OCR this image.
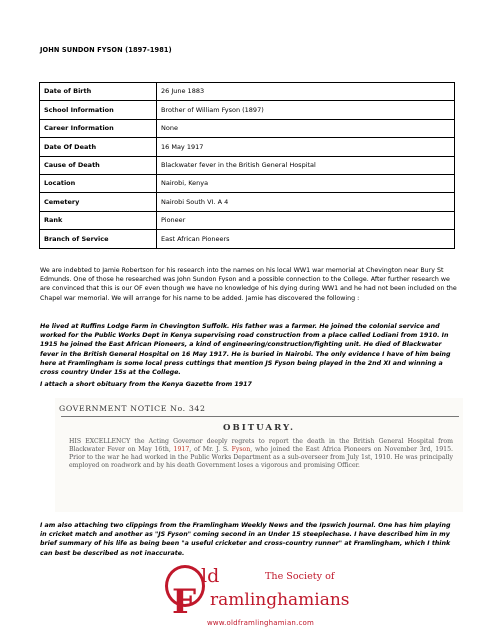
JOHN SUNDON FYSON (1897-1981)
Date of Birth	26 June 1883
School Information	Brother of William Fyson (1897)
Career Information	None
Date Of Death	16 May 1917
Cause of Death	Blackwater fever in the British General Hospital
Location	Nairobi, Kenya
Cemetery	Nairobi South VI. A 4
Rank	Pioneer
Branch of Service	East African Pioneers
We are indebted to Jamie Robertson for his research into the names on his local WW1 war memorial at Chevington near Bury St Edmunds. One of those he researched was John Sundon Fyson and a possible connection to the College. After further research we are convinced that this is our OF even though we have no knowledge of his dying during WW1 and he had not been included on the Chapel war memorial. We will arrange for his name to be added. Jamie has discovered the following :
He lived at Ruffins Lodge Farm in Chevington Suffolk. His father was a farmer. He joined the colonial service and worked for the Public Works Dept in Kenya supervising road construction from a place called Lodiani from 1910. In 1915 he joined the East African Pioneers, a kind of engineering/construction/fighting unit. He died of Blackwater fever in the British General Hospital on 16 May 1917. He is buried in Nairobi. The only evidence I have of him being here at Framlingham is some local press cuttings that mention JS Fyson being played in the 2nd XI and winning a cross country Under 15s at the College.
I attach a short obituary from the Kenya Gazette from 1917
GOVERNMENT NOTICE No. 342
OBITUARY.
HIS EXCELLENCY the Acting Governor deeply regrets to report the death in the British General Hospital from Blackwater Fever on May 16th, 1917, of Mr. J. S. Fyson, who joined the East Africa Pioneers on November 3rd, 1915. Prior to the war he had worked in the Public Works Department as a sub-overseer from July 1st, 1910. He was principally employed on roadwork and by his death Government loses a vigorous and promising Officer.
I am also attaching two clippings from the Framlingham Weekly News and the Ipswich Journal. One has him playing in cricket match and another as "JS Fyson" coming second in an Under 15 steeplechase. I have described him in my brief summary of his life as being been "a useful cricketer and cross-country runner" at Framlingham, which I think can best be described as not inaccurate.
ld	The Society of
F ramlinghamians
www.oldframlinghamian.com
